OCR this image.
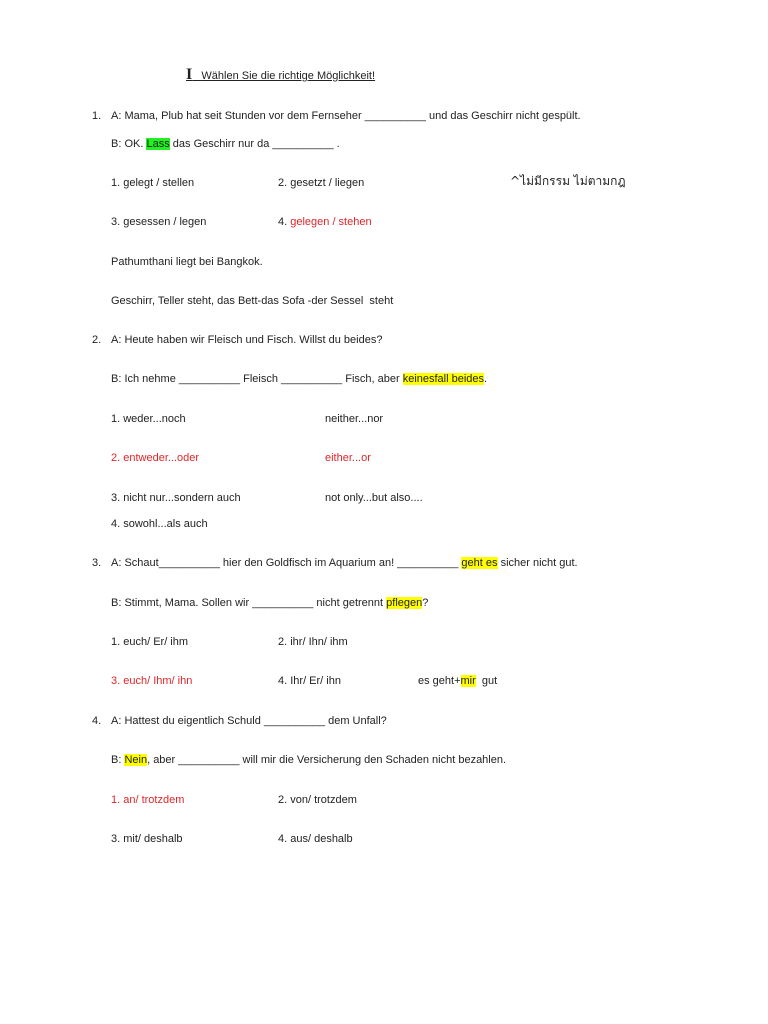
I Wählen Sie die richtige Möglichkeit!
1. A: Mama, Plub hat seit Stunden vor dem Fernseher __________ und das Geschirr nicht gespült.
B: OK. Lass das Geschirr nur da __________ .
1. gelegt / stellen	2. gesetzt / liegen	^ไม่มีกรรม ไม่ตามกฎ
3. gesessen / legen	4. gelegen / stehen
Pathumthani liegt bei Bangkok.
Geschirr, Teller steht, das Bett-das Sofa -der Sessel  steht
2. A: Heute haben wir Fleisch und Fisch. Willst du beides?
B: Ich nehme __________ Fleisch __________ Fisch, aber keinesfall beides.
1. weder...noch	neither...nor
2. entweder...oder	either...or
3. nicht nur...sondern auch	not only...but also....
4. sowohl...als auch
3. A: Schaut__________ hier den Goldfisch im Aquarium an! __________ geht es sicher nicht gut.
B: Stimmt, Mama. Sollen wir __________ nicht getrennt pflegen?
1. euch/ Er/ ihm	2. ihr/ Ihn/ ihm
3. euch/ Ihm/ ihn	4. Ihr/ Er/ ihn	es geht+mir  gut
4. A: Hattest du eigentlich Schuld __________ dem Unfall?
B: Nein, aber __________ will mir die Versicherung den Schaden nicht bezahlen.
1. an/ trotzdem	2. von/ trotzdem
3. mit/ deshalb	4. aus/ deshalb
